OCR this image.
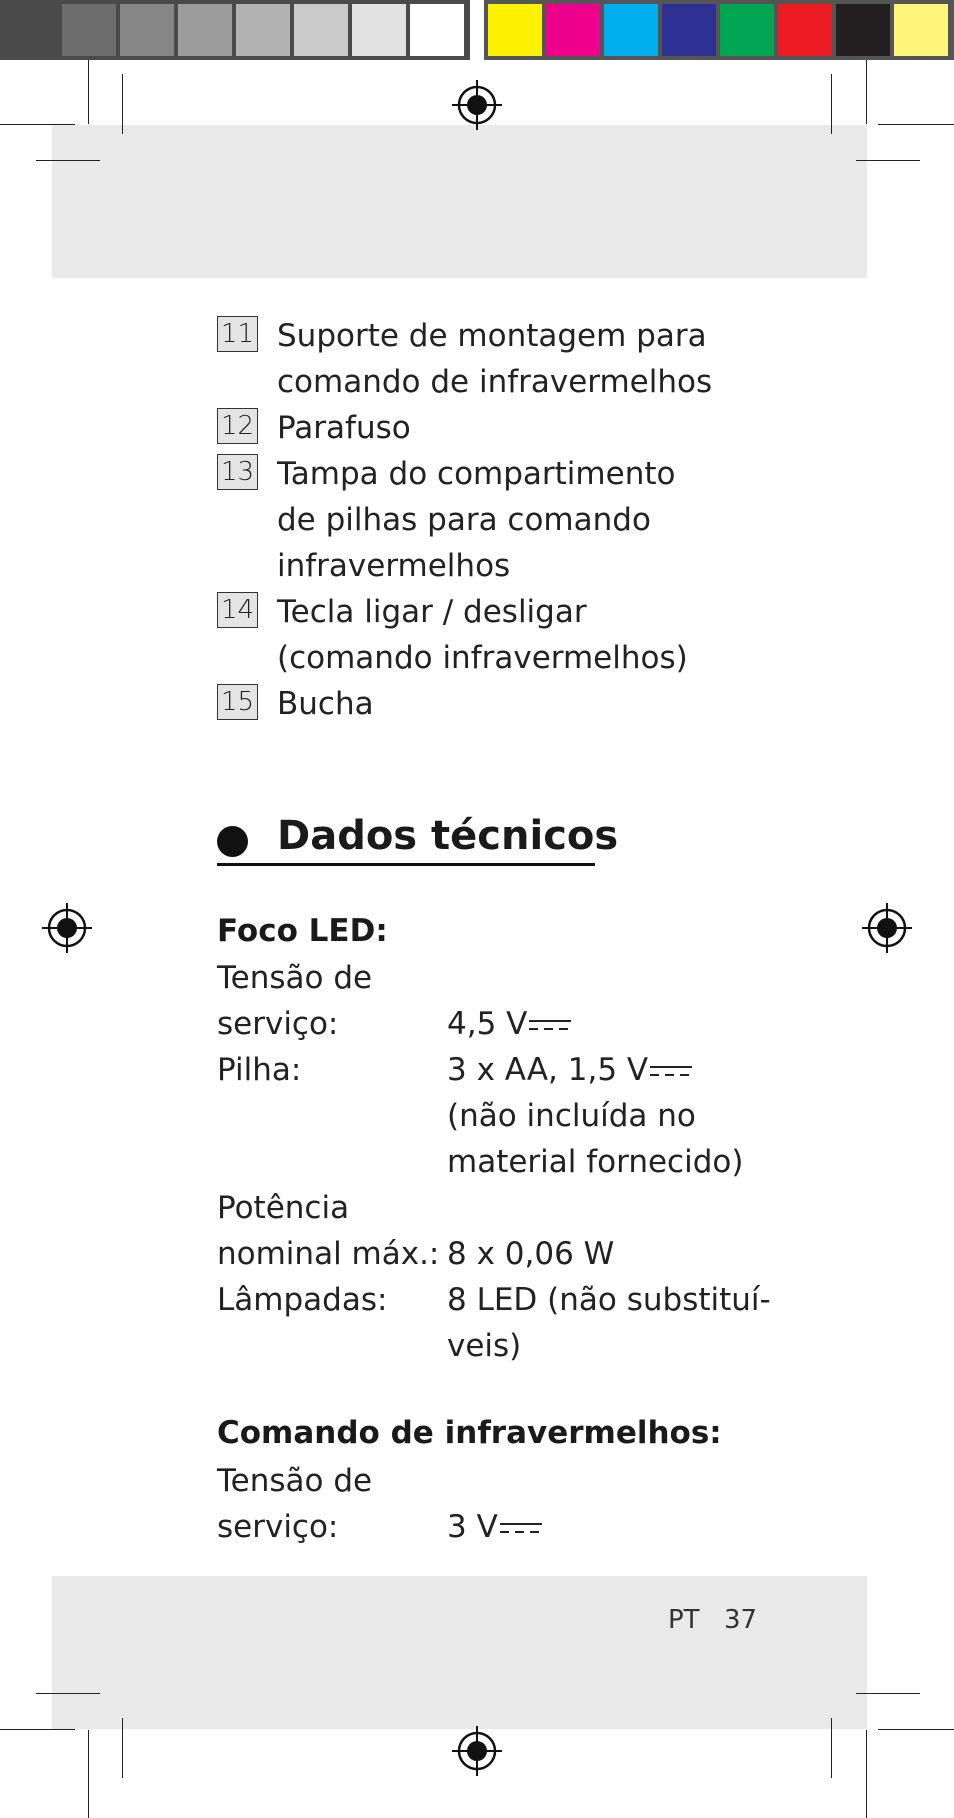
11 Suporte de montagem para
comando de infravermelhos
12 Parafuso
13 Tampa do compartimento
de pilhas para comando
infravermelhos
14 Tecla ligar / desligar
(comando infravermelhos)
15 Bucha
Dados técnicos
Foco LED:
Tensão de
serviço:	4,5 V
Pilha:	3 x AA, 1,5 V
(não incluída no
material fornecido)
Potência
nominal máx.: 8 x 0,06 W
Lâmpadas: 8 LED (não substituí-
veis)
Comando de infravermelhos:
Tensão de
serviço:	3 V
PT 37
